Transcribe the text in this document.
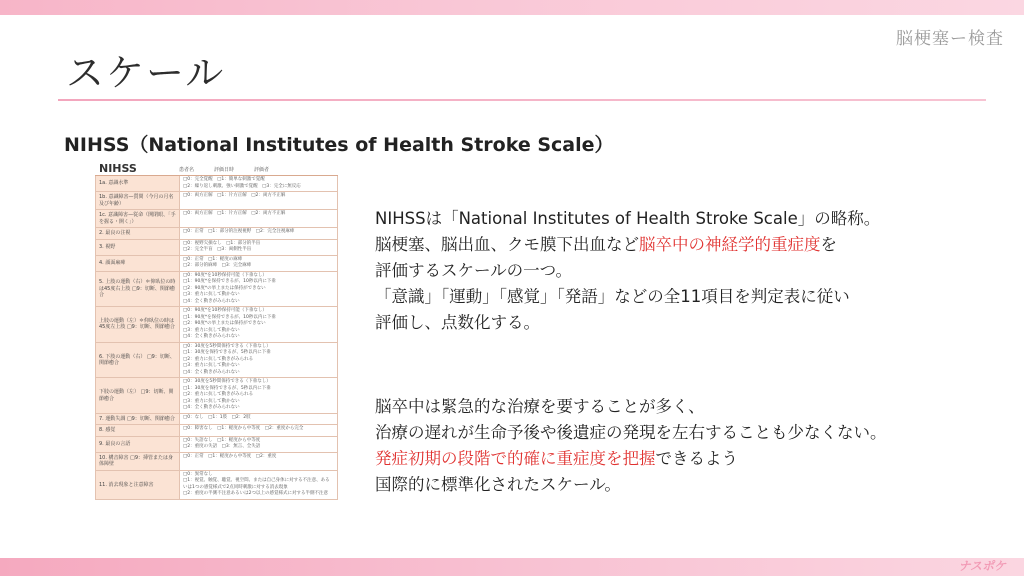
脳梗塞ー検査
スケール
NIHSS（National Institutes of Health Stroke Scale）
NIHSS	患者名	評価日時	評価者
1a. 意識水準
□0：完全覚醒　□1：簡単な刺激で覚醒
□2：繰り返し刺激、強い刺激で覚醒　□3：完全に無反応
1b. 意識障害—質問（今月の月名及び年齢）
□0：両方正解　□1：片方正解　□2：両方不正解
1c. 意識障害—従命（開閉眼、「手を握る・開く」）
□0：両方正解　□1：片方正解　□2：両方不正解
2. 最良の注視	□0：正常　□1：部分的注視視野　□2：完全注視麻痺
3. 視野
□0：視野欠損なし　□1：部分的半盲
□2：完全半盲　□3：両側性半盲
4. 顔面麻痺
□0：正常　□1：軽度の麻痺
□2：部分的麻痺　□3：完全麻痺
5. 上肢の運動（右）＊仰臥位の時は45度右上肢 □9：切断、関節癒合
□0：90度*を10秒保持可能（下垂なし）
□1：90度*を保持できるが、10秒以内に下垂
□2：90度*の挙上または保持ができない
□3：重力に抗して動かない
□4：全く動きがみられない
上肢の運動（左）＊仰臥位の時は45度左上肢 □9：切断、関節癒合
□0：90度*を10秒保持可能（下垂なし）
□1：90度*を保持できるが、10秒以内に下垂
□2：90度*の挙上または保持ができない
□3：重力に抗して動かない
□4：全く動きがみられない
6. 下肢の運動（右） □9：切断、関節癒合
□0：30度を5秒間保持できる（下垂なし）
□1：30度を保持できるが、5秒以内に下垂
□2：重力に抗して動きがみられる
□3：重力に抗して動かない
□4：全く動きがみられない
下肢の運動（左） □9：切断、関節癒合
□0：30度を5秒間保持できる（下垂なし）
□1：30度を保持できるが、5秒以内に下垂
□2：重力に抗して動きがみられる
□3：重力に抗して動かない
□4：全く動きがみられない
7. 運動失調 □9：切断、関節癒合	□0：なし　□1：1肢　□2：2肢
8. 感覚	□0：障害なし　□1：軽度から中等度　□2：重度から完全
9. 最良の言語
□0：失語なし　□1：軽度から中等度
□2：重度の失語　□3：無言、全失語
10. 構音障害 □9：挿管または身体障壁
□0：正常　□1：軽度から中等度　□2：重度
11. 消去現象と注意障害
□0：異常なし
□1：視覚、触覚、聴覚、視空間、または自己身体に対する不注意、あるいは1つの感覚様式で2点同時刺激に対する消去現象
□2：重度の半側不注意あるいは2つ以上の感覚様式に対する半側不注意
NIHSSは「National Institutes of Health Stroke Scale」の略称。
脳梗塞、脳出血、クモ膜下出血など脳卒中の神経学的重症度を
評価するスケールの一つ。
「意識」「運動」「感覚」「発語」などの全11項目を判定表に従い
評価し、点数化する。
脳卒中は緊急的な治療を要することが多く、
治療の遅れが生命予後や後遺症の発現を左右することも少なくない。
発症初期の段階で的確に重症度を把握できるよう
国際的に標準化されたスケール。
ナスポケ
